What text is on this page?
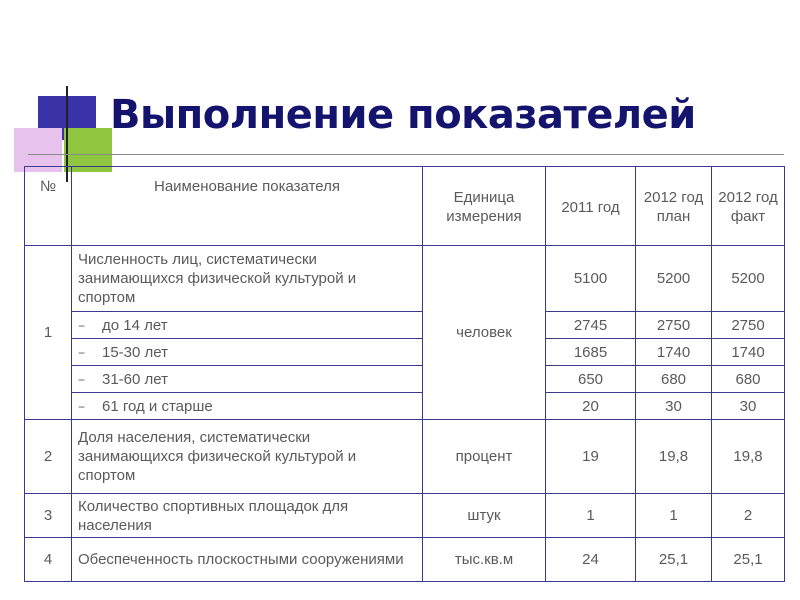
Выполнение показателей
№	Наименование показателя	Единица измерения	2011 год	2012 год план	2012 год факт
1	Численность лиц, систематически занимающихся физической культурой и спортом	человек	5100	5200	5200
	− до 14 лет		2745	2750	2750
	− 15-30 лет		1685	1740	1740
	− 31-60 лет		650	680	680
	− 61 год и старше		20	30	30
2	Доля населения, систематически занимающихся физической культурой и спортом	процент	19	19,8	19,8
3	Количество спортивных площадок для населения	штук	1	1	2
4	Обеспеченность плоскостными сооружениями	тыс.кв.м	24	25,1	25,1
